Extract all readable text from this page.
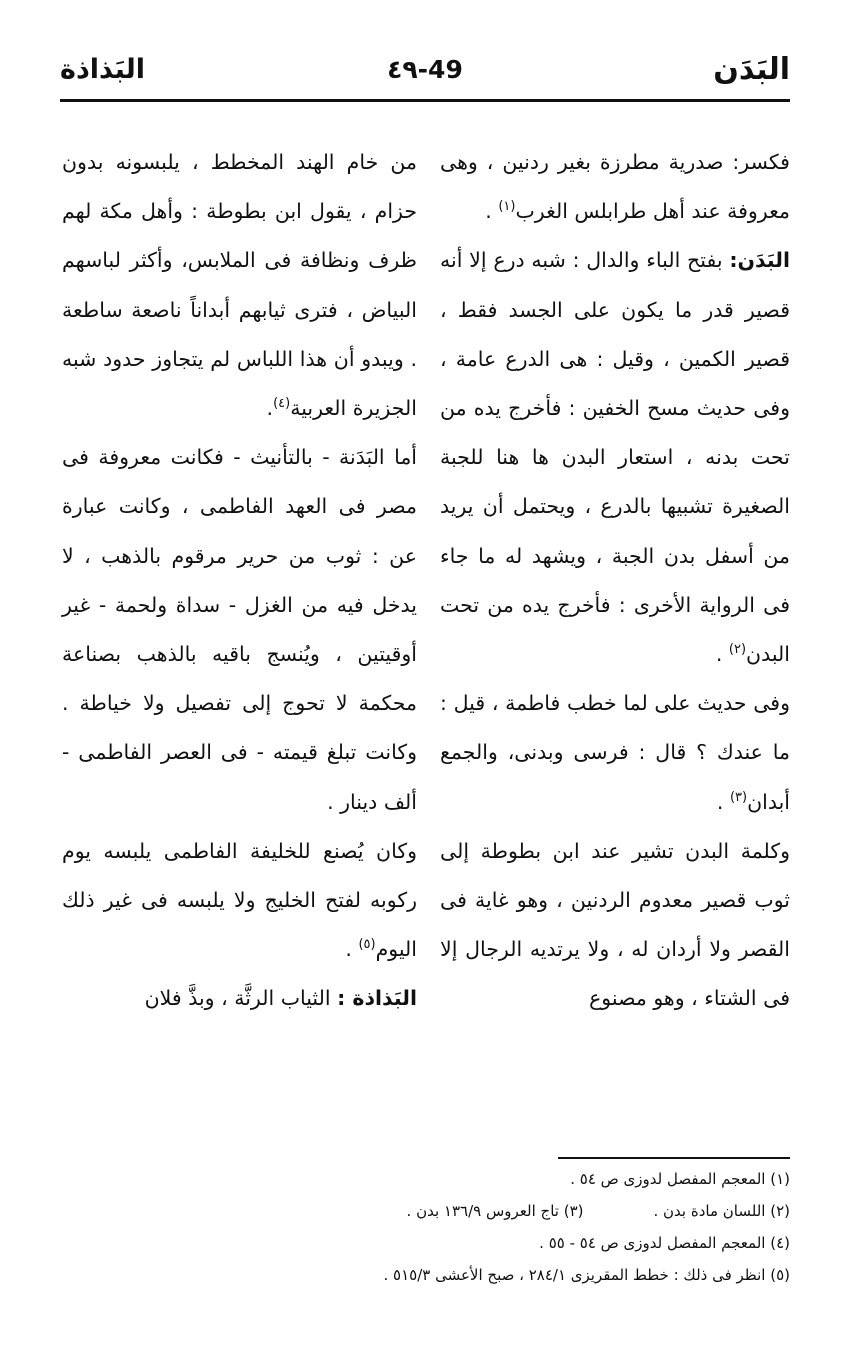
البَدَن
٤٩-49
البَذاذة

فكسر: صدرية مطرزة بغير ردنين ، وهى معروفة عند أهل طرابلس الغرب$^{(١)}$ .

البَدَن: بفتح الباء والدال : شبه درع إلا أنه قصير قدر ما يكون على الجسد فقط ، قصير الكمين ، وقيل : هى الدرع عامة ، وفى حديث مسح الخفين : فأخرج يده من تحت بدنه ، استعار البدن ها هنا للجبة الصغيرة تشبيها بالدرع ، ويحتمل أن يريد من أسفل بدن الجبة ، ويشهد له ما جاء فى الرواية الأخرى : فأخرج يده من تحت البدن$^{(٢)}$ .

وفى حديث على لما خطب فاطمة ، قيل : ما عندك ؟ قال : فرسى وبدنى، والجمع أبدان$^{(٣)}$ .

وكلمة البدن تشير عند ابن بطوطة إلى ثوب قصير معدوم الردنين ، وهو غاية فى القصر ولا أردان له ، ولا يرتديه الرجال إلا فى الشتاء ، وهو مصنوع

من خام الهند المخطط ، يلبسونه بدون حزام ، يقول ابن بطوطة : وأهل مكة لهم ظرف ونظافة فى الملابس، وأكثر لباسهم البياض ، فترى ثيابهم أبداناً ناصعة ساطعة . ويبدو أن هذا اللباس لم يتجاوز حدود شبه الجزيرة العربية$^{(٤)}$.

أما البَدَنة - بالتأنيث - فكانت معروفة فى مصر فى العهد الفاطمى ، وكانت عبارة عن : ثوب من حرير مرقوم بالذهب ، لا يدخل فيه من الغزل - سداة ولحمة - غير أوقيتين ، ويُنسج باقيه بالذهب بصناعة محكمة لا تحوج إلى تفصيل ولا خياطة . وكانت تبلغ قيمته - فى العصر الفاطمى - ألف دينار .

وكان يُصنع للخليفة الفاطمى يلبسه يوم ركوبه لفتح الخليج ولا يلبسه فى غير ذلك اليوم$^{(٥)}$ .

البَذاذة : الثياب الرثَّة ، وبذَّ فلان

(١) المعجم المفصل لدوزى ص ٥٤ .
(٢) اللسان مادة بدن .
(٣) تاج العروس ١٣٦/٩ بدن .
(٤) المعجم المفصل لدوزى ص ٥٤ - ٥٥ .
(٥) انظر فى ذلك : خطط المقريزى ٢٨٤/١ ، صبح الأعشى ٥١٥/٣ .
